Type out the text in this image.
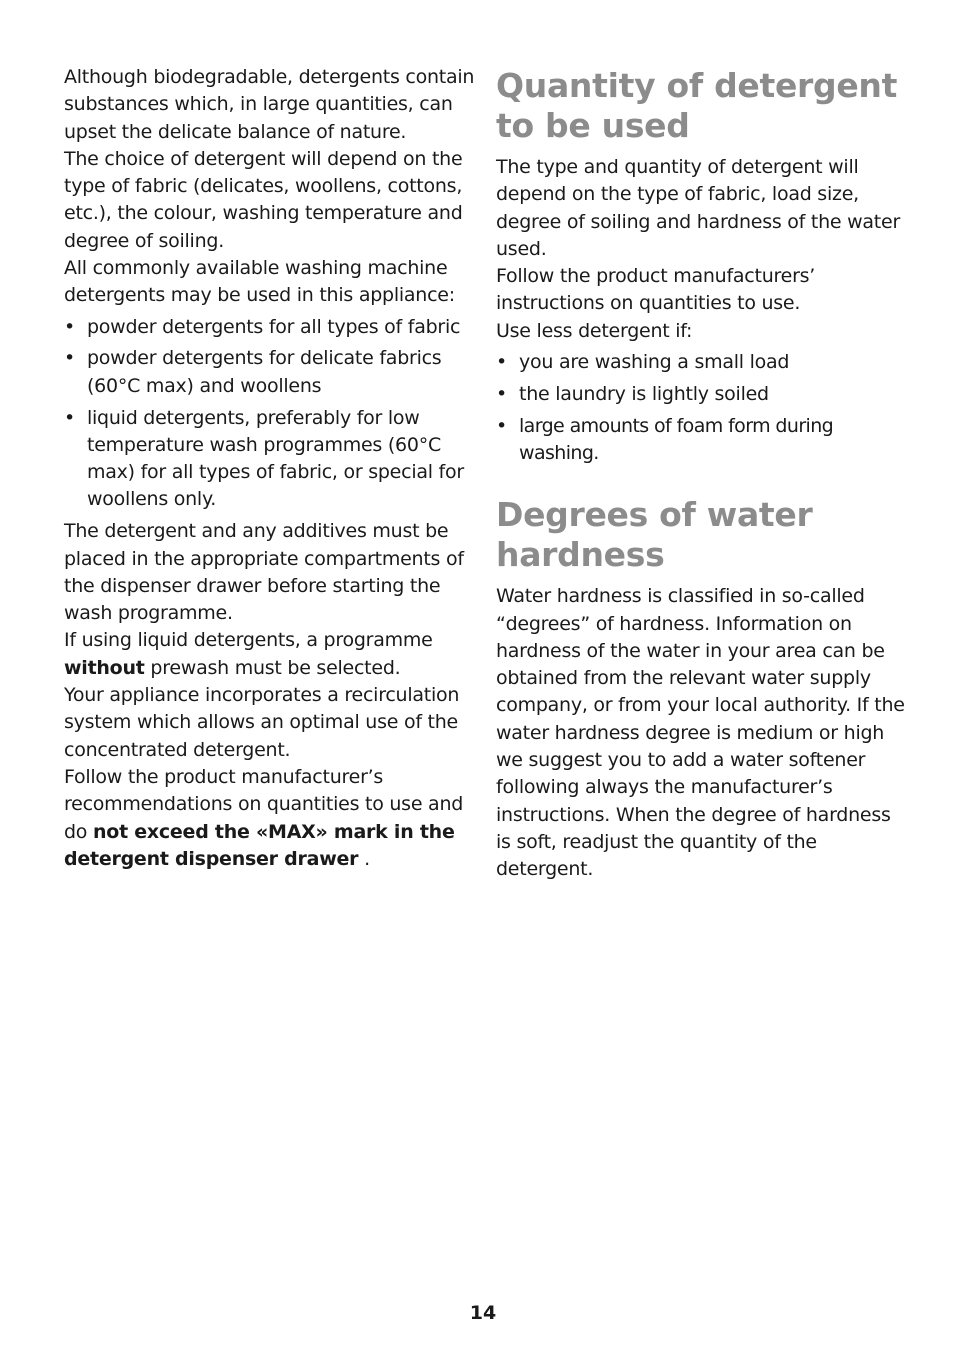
Although biodegradable, detergents contain substances which, in large quantities, can upset the delicate balance of nature.

The choice of detergent will depend on the type of fabric (delicates, woollens, cottons, etc.), the colour, washing temperature and degree of soiling.

All commonly available washing machine detergents may be used in this appliance:

• powder detergents for all types of fabric
• powder detergents for delicate fabrics (60°C max) and woollens
• liquid detergents, preferably for low temperature wash programmes (60°C max) for all types of fabric, or special for woollens only.

The detergent and any additives must be placed in the appropriate compartments of the dispenser drawer before starting the wash programme.

If using liquid detergents, a programme
without prewash must be selected.

Your appliance incorporates a recirculation system which allows an optimal use of the concentrated detergent.

Follow the product manufacturer’s recommendations on quantities to use and do not exceed the «MAX» mark in the detergent dispenser drawer .

Quantity of detergent to be used

The type and quantity of detergent will depend on the type of fabric, load size, degree of soiling and hardness of the water used.

Follow the product manufacturers’ instructions on quantities to use.

Use less detergent if:

• you are washing a small load
• the laundry is lightly soiled
• large amounts of foam form during washing.
Degrees of water hardness

Water hardness is classified in so-called “degrees” of hardness. Information on hardness of the water in your area can be obtained from the relevant water supply company, or from your local authority. If the water hardness degree is medium or high we suggest you to add a water softener following always the manufacturer’s instructions. When the degree of hardness is soft, readjust the quantity of the detergent.

14
